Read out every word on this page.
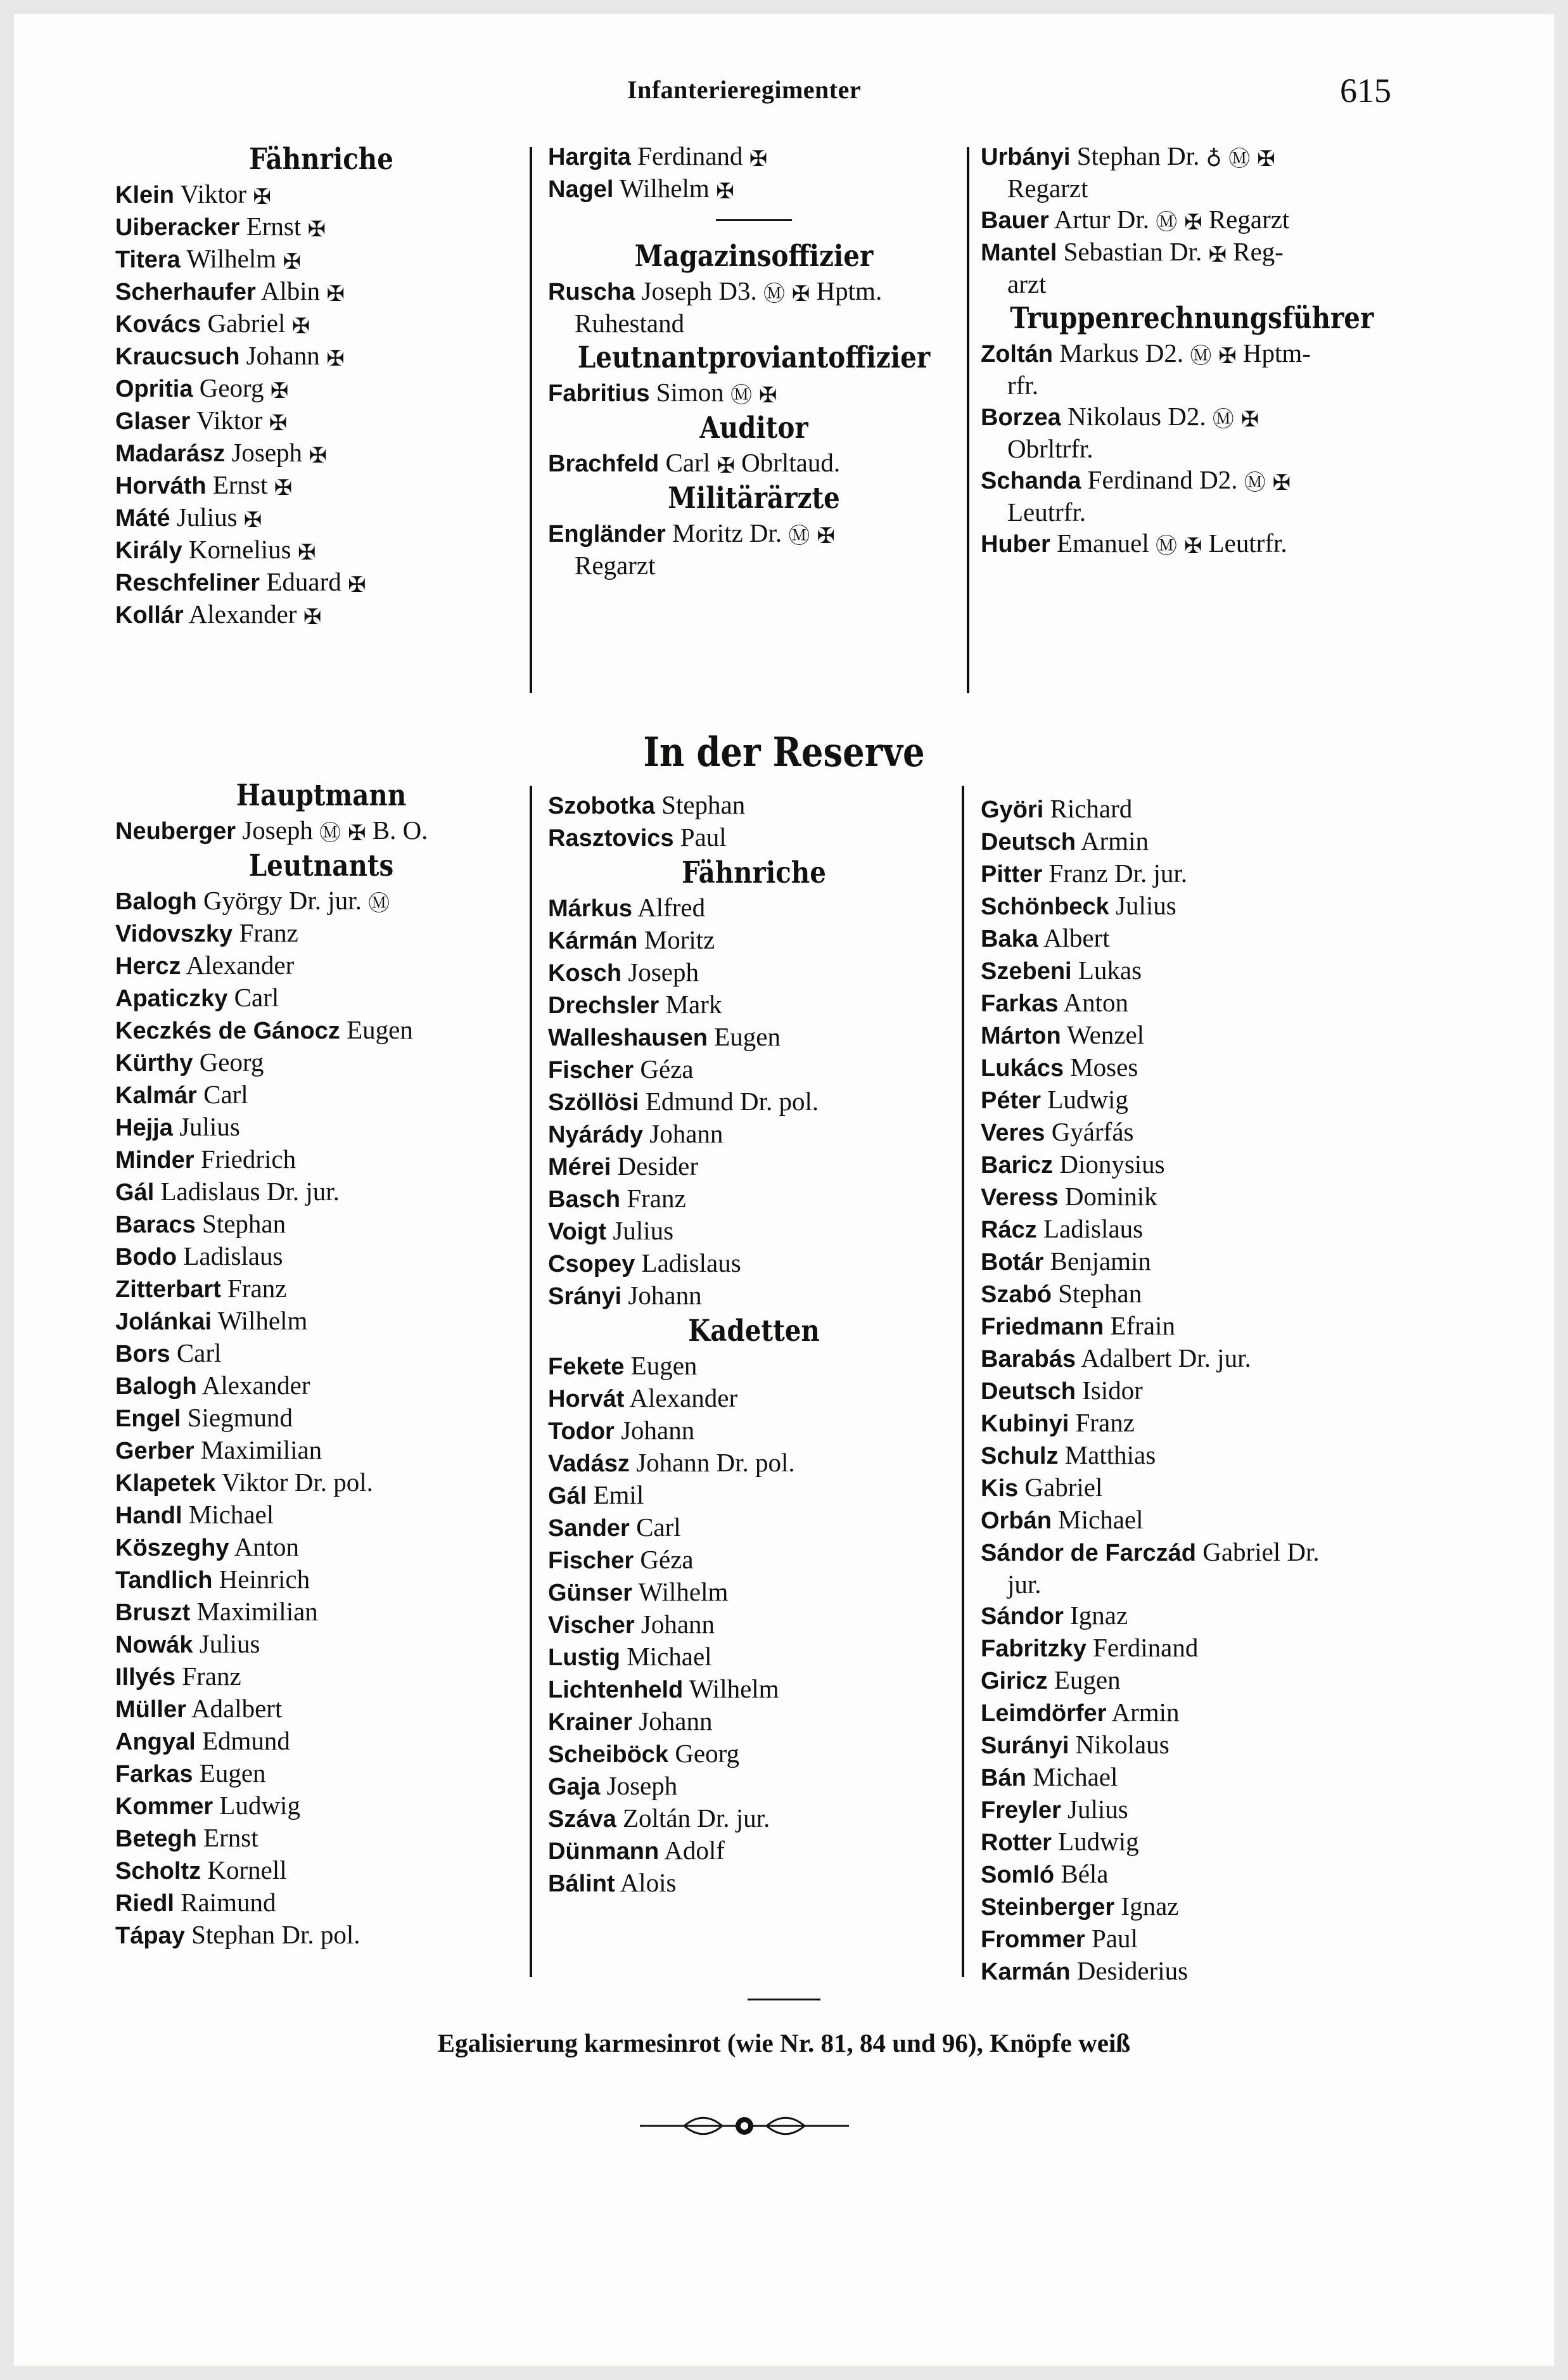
Infanterieregimenter	615
Fähnriche
Klein Viktor ✠
Uiberacker Ernst ✠
Titera Wilhelm ✠
Scherhaufer Albin ✠
Kovács Gabriel ✠
Kraucsuch Johann ✠
Opritia Georg ✠
Glaser Viktor ✠
Madarász Joseph ✠
Horváth Ernst ✠
Máté Julius ✠
Király Kornelius ✠
Reschfeliner Eduard ✠
Kollár Alexander ✠
Hargita Ferdinand ✠
Nagel Wilhelm ✠
Magazinsoffizier
Ruscha Joseph D3. Ⓜ ✠ Hptm.
Ruhestand
Leutnantproviantoffizier
Fabritius Simon Ⓜ ✠
Auditor
Brachfeld Carl ✠ Obrltaud.
Militärärzte
Engländer Moritz Dr. Ⓜ ✠
Regarzt
Urbányi Stephan Dr. ♁ Ⓜ ✠
Regarzt
Bauer Artur Dr. Ⓜ ✠ Regarzt
Mantel Sebastian Dr. ✠ Reg-
arzt
Truppenrechnungsführer
Zoltán Markus D2. Ⓜ ✠ Hptm-
rfr.
Borzea Nikolaus D2. Ⓜ ✠
Obrltrfr.
Schanda Ferdinand D2. Ⓜ ✠
Leutrfr.
Huber Emanuel Ⓜ ✠ Leutrfr.
In der Reserve
Hauptmann
Neuberger Joseph Ⓜ ✠ B. O.
Leutnants
Balogh György Dr. jur. Ⓜ
Vidovszky Franz
Hercz Alexander
Apaticzky Carl
Keczkés de Gánocz Eugen
Kürthy Georg
Kalmár Carl
Hejja Julius
Minder Friedrich
Gál Ladislaus Dr. jur.
Baracs Stephan
Bodo Ladislaus
Zitterbart Franz
Jolánkai Wilhelm
Bors Carl
Balogh Alexander
Engel Siegmund
Gerber Maximilian
Klapetek Viktor Dr. pol.
Handl Michael
Köszeghy Anton
Tandlich Heinrich
Bruszt Maximilian
Nowák Julius
Illyés Franz
Müller Adalbert
Angyal Edmund
Farkas Eugen
Kommer Ludwig
Betegh Ernst
Scholtz Kornell
Riedl Raimund
Tápay Stephan Dr. pol.
Szobotka Stephan
Rasztovics Paul
Fähnriche
Márkus Alfred
Kármán Moritz
Kosch Joseph
Drechsler Mark
Walleshausen Eugen
Fischer Géza
Szöllösi Edmund Dr. pol.
Nyárády Johann
Mérei Desider
Basch Franz
Voigt Julius
Csopey Ladislaus
Srányi Johann
Kadetten
Fekete Eugen
Horvát Alexander
Todor Johann
Vadász Johann Dr. pol.
Gál Emil
Sander Carl
Fischer Géza
Günser Wilhelm
Vischer Johann
Lustig Michael
Lichtenheld Wilhelm
Krainer Johann
Scheiböck Georg
Gaja Joseph
Száva Zoltán Dr. jur.
Dünmann Adolf
Bálint Alois
Györi Richard
Deutsch Armin
Pitter Franz Dr. jur.
Schönbeck Julius
Baka Albert
Szebeni Lukas
Farkas Anton
Márton Wenzel
Lukács Moses
Péter Ludwig
Veres Gyárfás
Baricz Dionysius
Veress Dominik
Rácz Ladislaus
Botár Benjamin
Szabó Stephan
Friedmann Efrain
Barabás Adalbert Dr. jur.
Deutsch Isidor
Kubinyi Franz
Schulz Matthias
Kis Gabriel
Orbán Michael
Sándor de Farczád Gabriel Dr.
jur.
Sándor Ignaz
Fabritzky Ferdinand
Giricz Eugen
Leimdörfer Armin
Surányi Nikolaus
Bán Michael
Freyler Julius
Rotter Ludwig
Somló Béla
Steinberger Ignaz
Frommer Paul
Karmán Desiderius
Egalisierung karmesinrot (wie Nr. 81, 84 und 96), Knöpfe weiß
